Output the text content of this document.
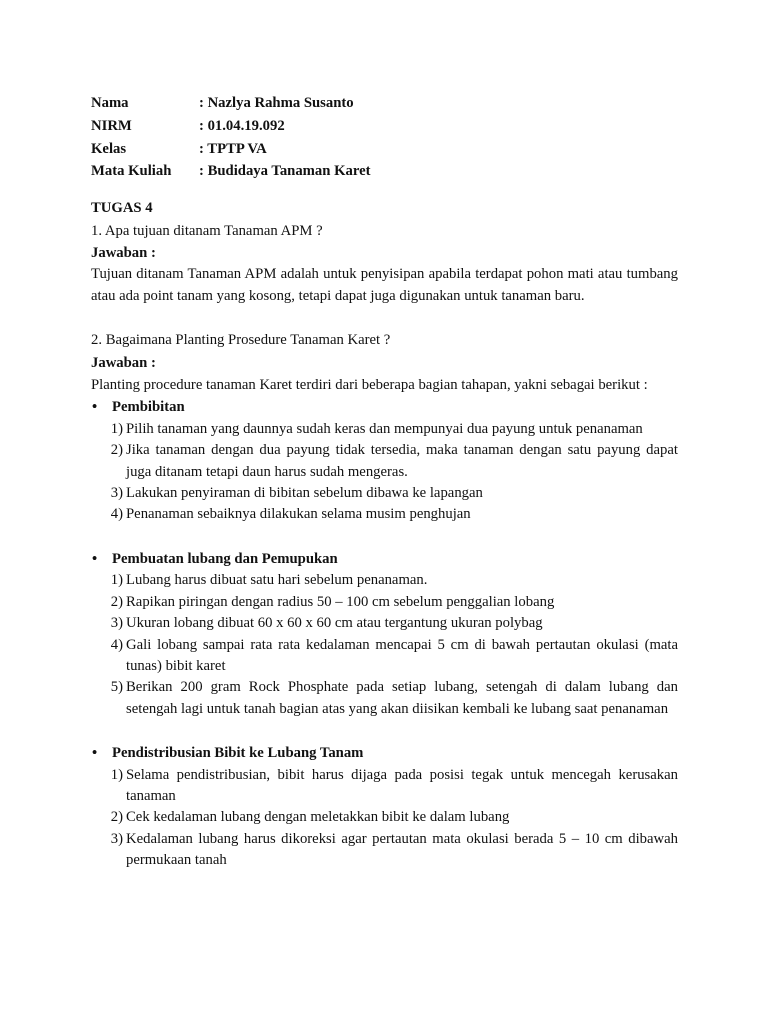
Nama	: Nazlya Rahma Susanto
NIRM	: 01.04.19.092
Kelas	: TPTP VA
Mata Kuliah	: Budidaya Tanaman Karet
TUGAS 4
1. Apa tujuan ditanam Tanaman APM ?
Jawaban :
Tujuan ditanam Tanaman APM adalah untuk penyisipan apabila terdapat pohon mati atau tumbang atau ada point tanam yang kosong, tetapi dapat juga digunakan untuk tanaman baru.
2. Bagaimana Planting Prosedure Tanaman Karet ?
Jawaban :
Planting procedure tanaman Karet terdiri dari beberapa bagian tahapan, yakni sebagai berikut :
•	Pembibitan
1) Pilih tanaman yang daunnya sudah keras dan mempunyai dua payung untuk penanaman
2) Jika tanaman dengan dua payung tidak tersedia, maka tanaman dengan satu payung dapat juga ditanam tetapi daun harus sudah mengeras.
3) Lakukan penyiraman di bibitan sebelum dibawa ke lapangan
4) Penanaman sebaiknya dilakukan selama musim penghujan
•	Pembuatan lubang dan Pemupukan
1) Lubang harus dibuat satu hari sebelum penanaman.
2) Rapikan piringan dengan radius 50 – 100 cm sebelum penggalian lobang
3) Ukuran lobang dibuat 60 x 60 x 60 cm atau tergantung ukuran polybag
4) Gali lobang sampai rata rata kedalaman mencapai 5 cm di bawah pertautan okulasi (mata tunas) bibit karet
5) Berikan 200 gram Rock Phosphate pada setiap lubang, setengah di dalam lubang dan setengah lagi untuk tanah bagian atas yang akan diisikan kembali ke lubang saat penanaman
•	Pendistribusian Bibit ke Lubang Tanam
1) Selama pendistribusian, bibit harus dijaga pada posisi tegak untuk mencegah kerusakan tanaman
2) Cek kedalaman lubang dengan meletakkan bibit ke dalam lubang
3) Kedalaman lubang harus dikoreksi agar pertautan mata okulasi berada 5 – 10 cm dibawah permukaan tanah
